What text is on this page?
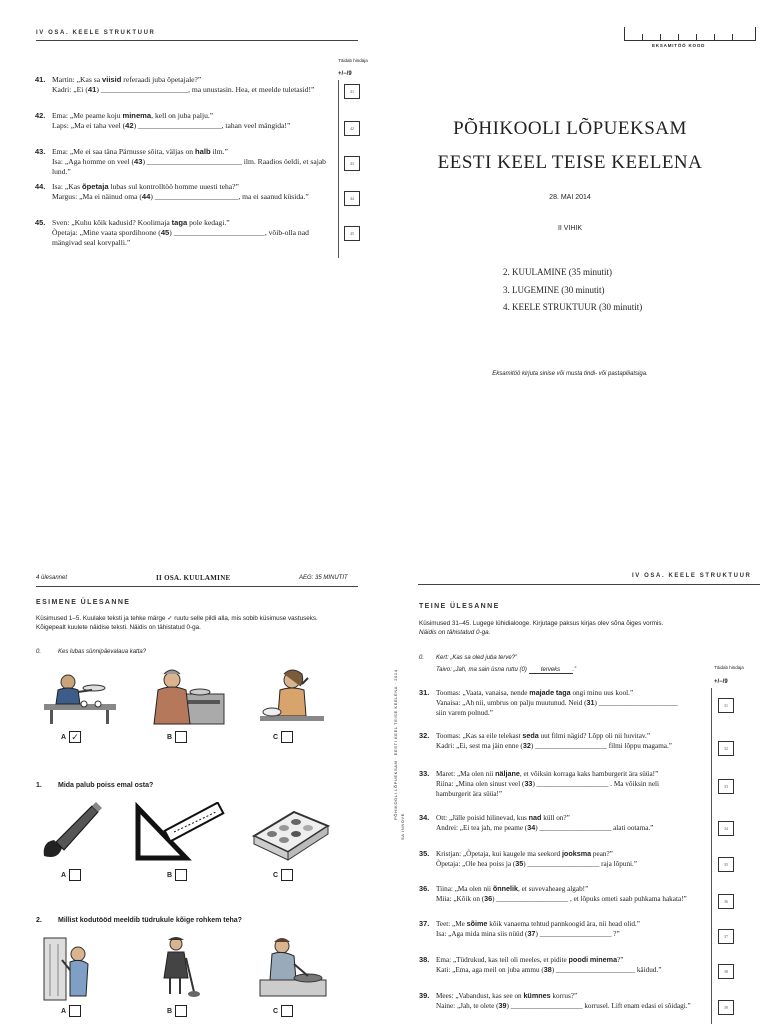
IV OSA. KEELE STRUKTUUR
Täidab hindaja
+/−/9
41. Martin: „Kas sa viisid referaadi juba õpetajale?”
Kadri: „Ei (41) _______________________, ma unustasin. Hea, et meelde tuletasid!”	41
42. Ema: „Me peame koju minema, kell on juba palju.”
Laps: „Ma ei taha veel (42) ______________________, tahan veel mängida!”	42
43. Ema: „Me ei saa täna Pärnusse sõita, väljas on halb ilm.”
Isa: „Aga homme on veel (43) _________________________ ilm. Raadios öeldi, et sajab lund.”
43
44. Isa: „Kas õpetaja lubas sul kontrolltöö homme uuesti teha?”
Margus: „Ma ei näinud oma (44) ______________________, ma ei saanud küsida.”	44
45. Sven: „Kuhu kõik kadusid? Koolimaja taga pole kedagi.”
Õpetaja: „Mine vaata spordihoone (45) ________________________, võib-olla nad
mängivad seal korvpalli.”
45
EKSAMITÖÖ KOOD
PÕHIKOOLI LÕPUEKSAM
EESTI KEEL TEISE KEELENA
28. MAI 2014
II VIHIK
2. KUULAMINE (35 minutit)
3. LUGEMINE (30 minutit)
4. KEELE STRUKTUUR (30 minutit)
Eksamitöö kirjuta sinise või musta tindi- või pastapliiatsiga.
4 ülesannet	II OSA. KUULAMINE	AEG: 35 MINUTIT
ESIMENE ÜLESANNE
Küsimused 1–5. Kuulake teksti ja tehke märge ✓ ruutu selle pildi alla, mis sobib küsimuse vastuseks.
Kõigepealt kuulete näidise teksti. Näidis on tähistatud 0-ga.
0.	Kes lubas sünnipäevalaua katta?
A ✓	B	C
1. Mida palub poiss emal osta?
A	B	C
2. Millist kodutööd meeldib tüdrukule kõige rohkem teha?
A	B	C
PÕHIKOOLI LÕPUEKSAM · EESTI KEEL TEISE KEELENA · 2014
SA INNOVE
IV OSA. KEELE STRUKTUUR
TEINE ÜLESANNE
Küsimused 31–45. Lugege lühidialooge. Kirjutage paksus kirjas olev sõna õiges vormis.
Näidis on tähistatud 0-ga.
Täidab hindaja
+/−/9
0. Kert: „Kas sa oled juba terve?”
Taivo: „Jah, ma sain üsna ruttu (0) terveks .”
31. Toomas: „Vaata, vanaisa, nende majade taga ongi minu uus kool.”
Vanaisa: „Ah nii, umbrus on palju muutunud. Neid (31) ______________________
siin varem polnud.”
31
32. Toomas: „Kas sa eile telekast seda uut filmi nägid? Lõpp oli nii huvitav.”
Kadri: „Ei, sest ma jäin enne (32) ____________________ filmi lõppu magama.”	32
33. Maret: „Ma olen nii näljane, et võiksin korraga kaks hamburgerit ära süüa!”
Riina: „Mina olen sinust veel (33) ____________________ . Ma võiksin neli
hamburgerit ära süüa!”
33
34. Ott: „Jälle poisid hilinevad, kus nad küll on?”
Andrei: „Ei tea jah, me peame (34) ____________________ alati ootama.”	34
35. Kristjan: „Õpetaja, kui kaugele ma seekord jooksma pean?”
Õpetaja: „Ole hea poiss ja (35) ____________________ raja lõpuni.”	35
36. Tiina: „Ma olen nii õnnelik, et suvevaheaeg algab!”
Miia: „Kõik on (36) ____________________ , et lõpuks ometi saab puhkama hakata!”	36
37. Teet: „Me sõime kõik vanaema tehtud pannkoogid ära, nii head olid.”
Isa: „Aga mida mina siis nüüd (37) ____________________ ?”	37
38. Ema: „Tüdrukud, kas teil oli meeles, et pidite poodi minema?”
Kati: „Ema, aga meil on juba ammu (38) ______________________ käidud.”	38
39. Mees: „Vabandust, kas see on kümnes korrus?”
Naine: „Jah, te olete (39) ____________________ korrusel. Lift enam edasi ei sõidagi.”	39
